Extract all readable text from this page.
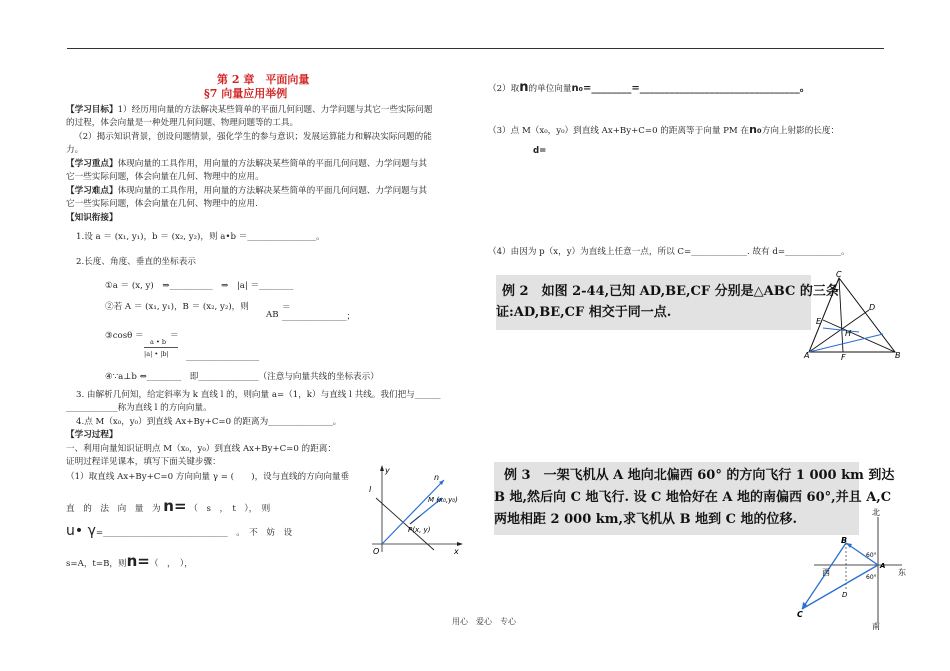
第 2 章　平面向量
§7 向量应用举例
【学习目标】1）经历用向量的方法解决某些简单的平面几何问题、力学问题与其它一些实际问题
的过程，体会向量是一种处理几何问题、物理问题等的工具。
（2）揭示知识背景，创设问题情景，强化学生的参与意识；发展运算能力和解决实际问题的能
力。
【学习重点】体现向量的工具作用，用向量的方法解决某些简单的平面几何问题、力学问题与其
它一些实际问题，体会向量在几何、物理中的应用。
【学习难点】体现向量的工具作用，用向量的方法解决某些简单的平面几何问题、力学问题与其
它一些实际问题，体会向量在几何、物理中的应用.
【知识衔接】
1.设 a ＝ (x₁, y₁)，b ＝ (x₂, y₂)，则 a•b ＝________________。
2.长度、角度、垂直的坐标表示
①a ＝ (x, y)　⇒__________　⇒　|a| ＝________
②若 A ＝ (x₁, y₁)，B ＝ (x₂, y₂)，则
AB
＝
_______________；
③cosθ ＝
a • b
|a| • |b|
＝
_________________
④∵a⊥b ⇔________　即______________（注意与向量共线的坐标表示）
3. 由解析几何知，给定斜率为 k 直线 l 的，则向量 a=（1，k）与直线 l 共线。我们把与______
____________称为直线 l 的方向向量。
4.点 M（x₀，y₀）到直线 Ax+By+C=0 的距离为_______________。
【学习过程】
一、利用向量知识证明点 M（x₀，y₀）到直线 Ax+By+C=0 的距离：
证明过程详见课本，填写下面关键步骤：
（1）取直线 Ax+By+C=0 方向向量 γ = (　　)，设与直线的方向向量垂
直　的　法　向　量　为 n= （　s　，　t　），　则
u• γ=_____________________________　。　不　妨　设
s=A，t=B，则n=（　，　），
y
l
n
M (x₀,y₀)
P(x, y)
O	x
（2）取n的单位向量n₀=________=________________________________。
（3）点 M（x₀，y₀）到直线 Ax+By+C=0 的距离等于向量 PM 在n₀方向上射影的长度：
d=
（4）由因为 p（x，y）为直线上任意一点，所以 C=_____________. 故有 d=_____________。
例 2　如图 2-44,已知 AD,BE,CF 分别是△ABC 的三条
证:AD,BE,CF 相交于同一点.
C
D
E
H
A	F	B
例 3　一架飞机从 A 地向北偏西 60° 的方向飞行 1 000 km 到达
B 地,然后向 C 地飞行. 设 C 地恰好在 A 地的南偏西 60°,并且 A,C
两地相距 2 000 km,求飞机从 B 地到 C 地的位移.	北
南
西	东
B
A
C
D
60°
60°
用心　爱心　专心
